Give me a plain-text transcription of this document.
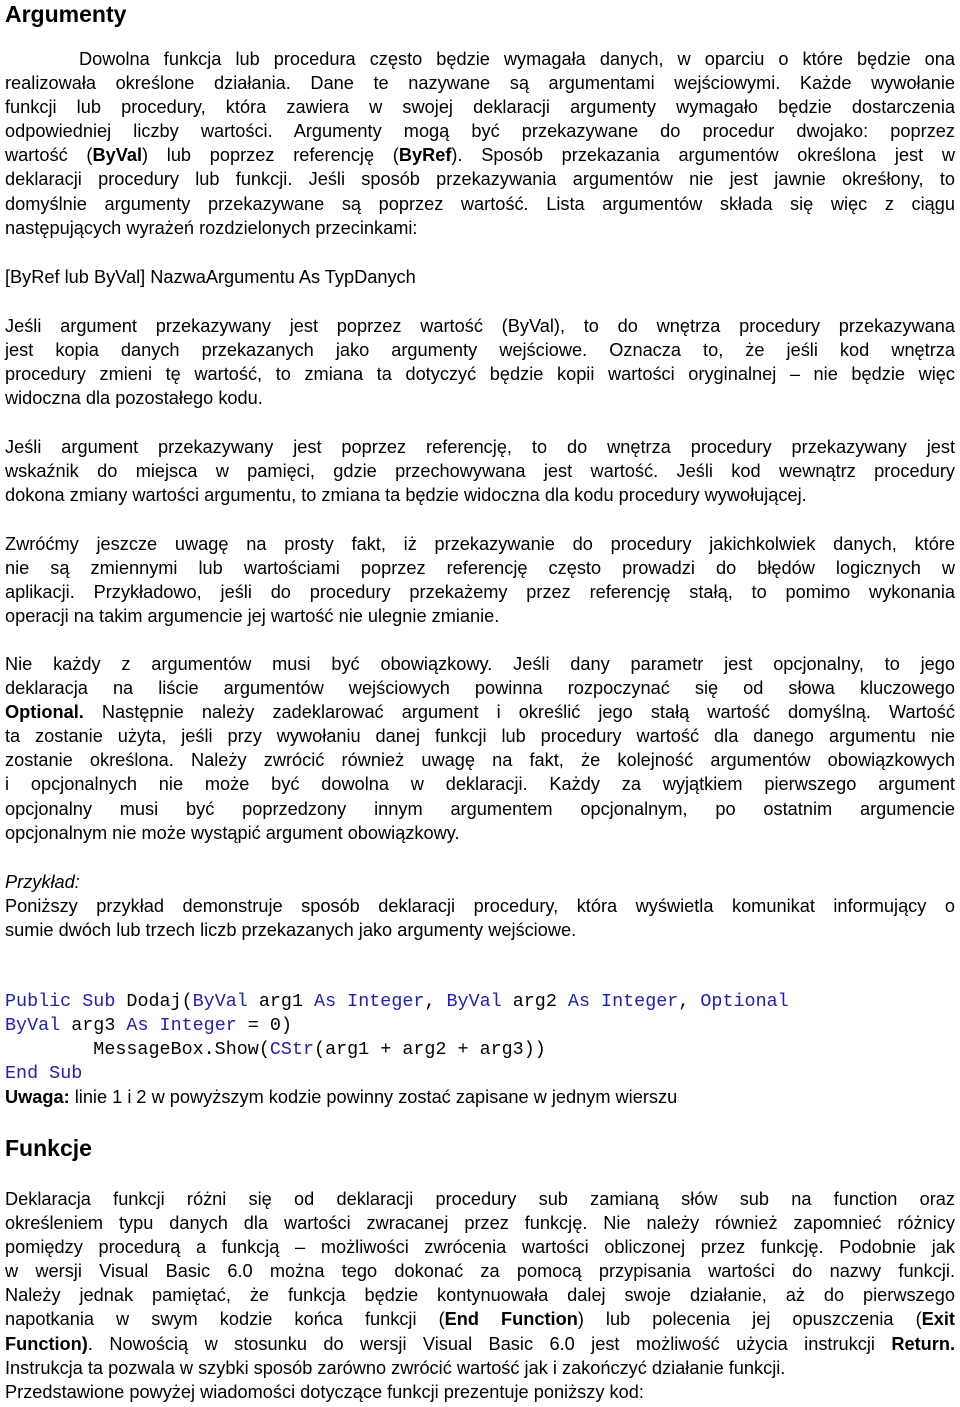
Argumenty
Dowolna funkcja lub procedura często będzie wymagała danych, w oparciu o które będzie ona
realizowała określone działania. Dane te nazywane są argumentami wejściowymi. Każde wywołanie
funkcji lub procedury, która zawiera w swojej deklaracji argumenty wymagało będzie dostarczenia
odpowiedniej liczby wartości. Argumenty mogą być przekazywane do procedur dwojako: poprzez
wartość (ByVal) lub poprzez referencję (ByRef). Sposób przekazania argumentów określona jest w
deklaracji procedury lub funkcji. Jeśli sposób przekazywania argumentów nie jest jawnie okreśłony, to
domyślnie argumenty przekazywane są poprzez wartość. Lista argumentów składa się więc z ciągu
następujących wyrażeń rozdzielonych przecinkami:
[ByRef lub ByVal] NazwaArgumentu As TypDanych
Jeśli argument przekazywany jest poprzez wartość (ByVal), to do wnętrza procedury przekazywana
jest kopia danych przekazanych jako argumenty wejściowe. Oznacza to, że jeśli kod wnętrza
procedury zmieni tę wartość, to zmiana ta dotyczyć będzie kopii wartości oryginalnej – nie będzie więc
widoczna dla pozostałego kodu.
Jeśli argument przekazywany jest poprzez referencję, to do wnętrza procedury przekazywany jest
wskaźnik do miejsca w pamięci, gdzie przechowywana jest wartość. Jeśli kod wewnątrz procedury
dokona zmiany wartości argumentu, to zmiana ta będzie widoczna dla kodu procedury wywołującej.
Zwróćmy jeszcze uwagę na prosty fakt, iż przekazywanie do procedury jakichkolwiek danych, które
nie są zmiennymi lub wartościami poprzez referencję często prowadzi do błędów logicznych w
aplikacji. Przykładowo, jeśli do procedury przekażemy przez referencję stałą, to pomimo wykonania
operacji na takim argumencie jej wartość nie ulegnie zmianie.
Nie każdy z argumentów musi być obowiązkowy. Jeśli dany parametr jest opcjonalny, to jego
deklaracja na liście argumentów wejściowych powinna rozpoczynać się od słowa kluczowego
Optional. Następnie należy zadeklarować argument i określić jego stałą wartość domyślną. Wartość
ta zostanie użyta, jeśli przy wywołaniu danej funkcji lub procedury wartość dla danego argumentu nie
zostanie określona. Należy zwrócić również uwagę na fakt, że kolejność argumentów obowiązkowych
i opcjonalnych nie może być dowolna w deklaracji. Każdy za wyjątkiem pierwszego argument
opcjonalny musi być poprzedzony innym argumentem opcjonalnym, po ostatnim argumencie
opcjonalnym nie może wystąpić argument obowiązkowy.
Przykład:
Poniższy przykład demonstruje sposób deklaracji procedury, która wyświetla komunikat informujący o
sumie dwóch lub trzech liczb przekazanych jako argumenty wejściowe.

Public Sub Dodaj(ByVal arg1 As Integer, ByVal arg2 As Integer, Optional
ByVal arg3 As Integer = 0)
MessageBox.Show(CStr(arg1 + arg2 + arg3))
End Sub

Uwaga: linie 1 i 2 w powyższym kodzie powinny zostać zapisane w jednym wierszu
Funkcje
Deklaracja funkcji różni się od deklaracji procedury sub zamianą słów sub na function oraz
określeniem typu danych dla wartości zwracanej przez funkcję. Nie należy również zapomnieć różnicy
pomiędzy procedurą a funkcją – możliwości zwrócenia wartości obliczonej przez funkcję. Podobnie jak
w wersji Visual Basic 6.0 można tego dokonać za pomocą przypisania wartości do nazwy funkcji.
Należy jednak pamiętać, że funkcja będzie kontynuowała dalej swoje działanie, aż do pierwszego
napotkania w swym kodzie końca funkcji (End Function) lub polecenia jej opuszczenia (Exit
Function). Nowością w stosunku do wersji Visual Basic 6.0 jest możliwość użycia instrukcji Return.
Instrukcja ta pozwala w szybki sposób zarówno zwrócić wartość jak i zakończyć działanie funkcji.
Przedstawione powyżej wiadomości dotyczące funkcji prezentuje poniższy kod:
